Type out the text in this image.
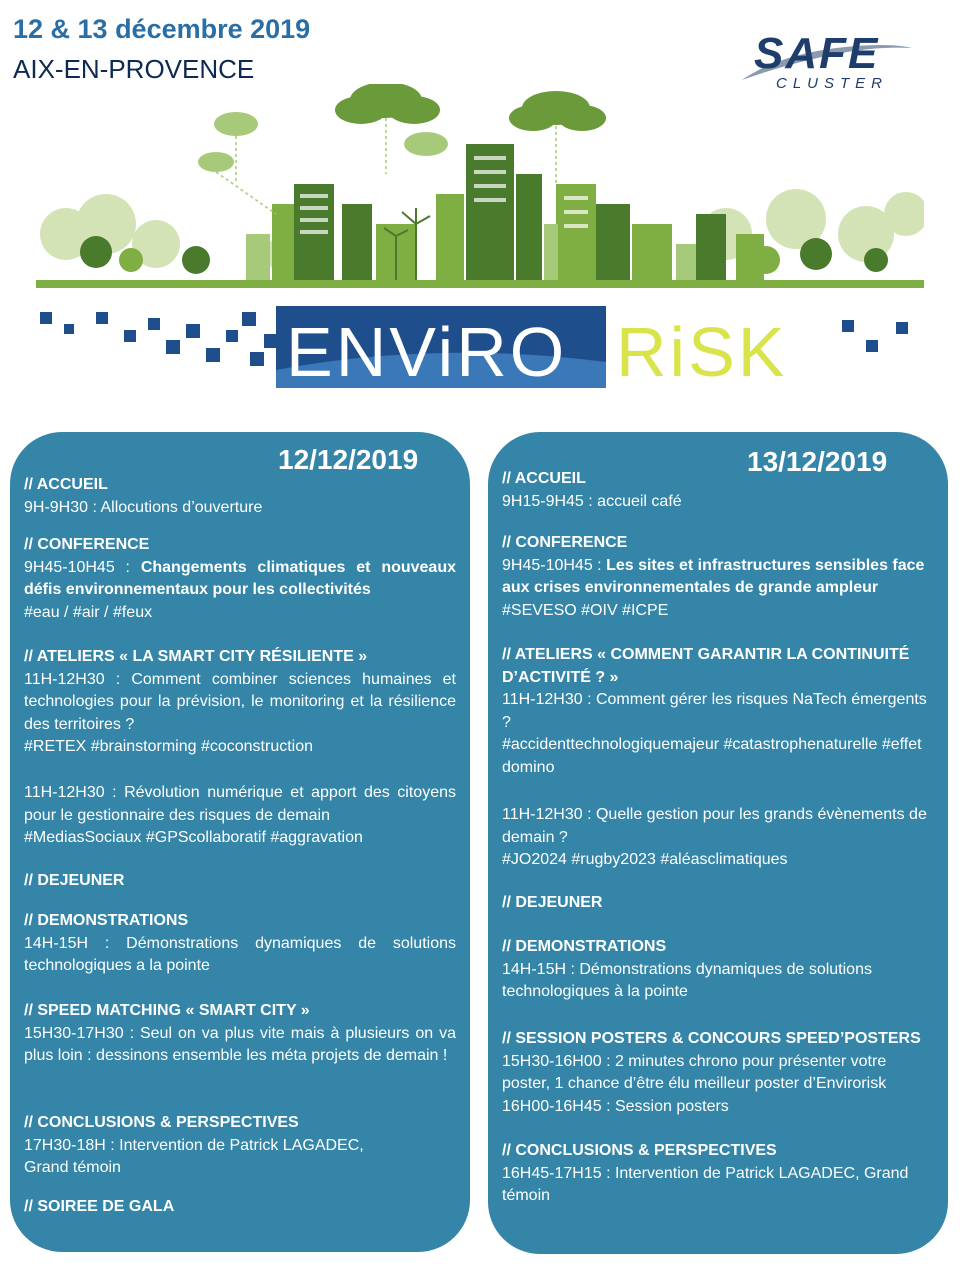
12 & 13 décembre 2019
AIX-EN-PROVENCE	SAFE
CLUSTER
ENViRO RiSK
12/12/2019
// ACCUEIL
9H-9H30 : Allocutions d’ouverture
// CONFERENCE
9H45-10H45 : Changements climatiques et nouveaux défis environnementaux pour les collectivités
#eau / #air / #feux
// ATELIERS « LA SMART CITY RÉSILIENTE »
11H-12H30 : Comment combiner sciences humaines et technologies pour la prévision, le monitoring et la résilience des territoires ?
#RETEX #brainstorming #coconstruction
11H-12H30 : Révolution numérique et apport des citoyens pour le gestionnaire des risques de demain
#MediasSociaux #GPScollaboratif #aggravation
// DEJEUNER
// DEMONSTRATIONS
14H-15H : Démonstrations dynamiques de solutions technologiques a la pointe
// SPEED MATCHING « SMART CITY »
15H30-17H30 : Seul on va plus vite mais à plusieurs on va plus loin : dessinons ensemble les méta projets de demain !
// CONCLUSIONS & PERSPECTIVES
17H30-18H : Intervention de Patrick LAGADEC,
Grand témoin
// SOIREE DE GALA
13/12/2019
// ACCUEIL
9H15-9H45 : accueil café
// CONFERENCE
9H45-10H45 : Les sites et infrastructures sensibles face aux crises environnementales de grande ampleur
#SEVESO #OIV #ICPE
// ATELIERS « COMMENT GARANTIR LA CONTINUITÉ D’ACTIVITÉ ? »
11H-12H30 : Comment gérer les risques NaTech émergents ?
#accidenttechnologiquemajeur #catastrophenaturelle #effet domino
11H-12H30 : Quelle gestion pour les grands évènements de demain ?
#JO2024 #rugby2023 #aléasclimatiques
// DEJEUNER
// DEMONSTRATIONS
14H-15H : Démonstrations dynamiques de solutions technologiques à la pointe
// SESSION POSTERS & CONCOURS SPEED’POSTERS
15H30-16H00 : 2 minutes chrono pour présenter votre poster, 1 chance d’être élu meilleur poster d’Envirorisk
16H00-16H45 : Session posters
// CONCLUSIONS & PERSPECTIVES
16H45-17H15 : Intervention de Patrick LAGADEC, Grand témoin
